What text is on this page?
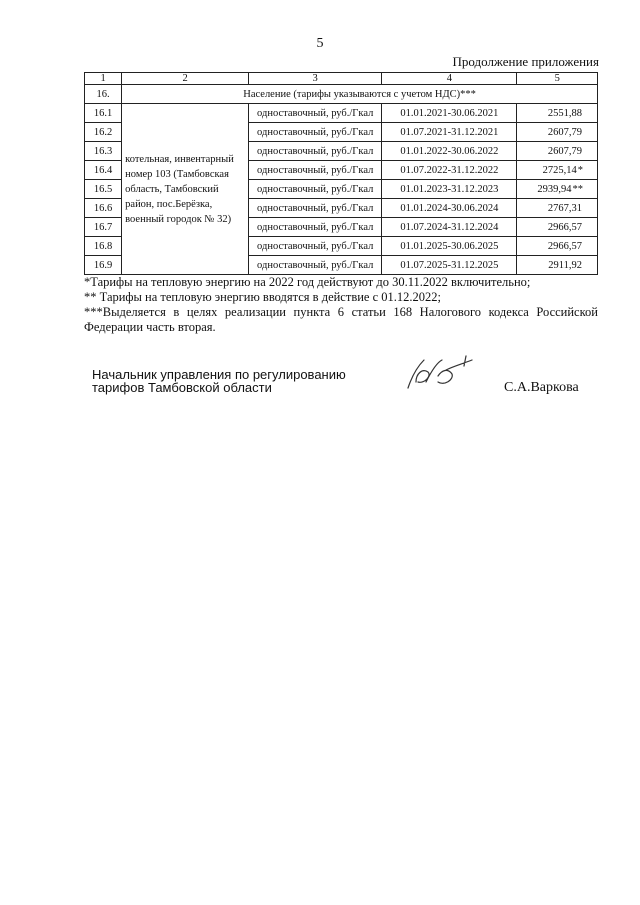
5
Продолжение приложения
1	2	3	4	5
16.	Население (тарифы указываются с учетом НДС)***			
16.1	котельная, инвентарный номер 103 (Тамбовская область, Тамбовский район, пос.Берёзка, военный городок № 32)	одноставочный, руб./Гкал	01.01.2021-30.06.2021	2551,88
16.2		одноставочный, руб./Гкал	01.07.2021-31.12.2021	2607,79
16.3		одноставочный, руб./Гкал	01.01.2022-30.06.2022	2607,79
16.4		одноставочный, руб./Гкал	01.07.2022-31.12.2022	2725,14*
16.5		одноставочный, руб./Гкал	01.01.2023-31.12.2023	2939,94**
16.6		одноставочный, руб./Гкал	01.01.2024-30.06.2024	2767,31
16.7		одноставочный, руб./Гкал	01.07.2024-31.12.2024	2966,57
16.8		одноставочный, руб./Гкал	01.01.2025-30.06.2025	2966,57
16.9		одноставочный, руб./Гкал	01.07.2025-31.12.2025	2911,92

*Тарифы на тепловую энергию на 2022 год действуют до 30.11.2022 включительно;

** Тарифы на тепловую энергию вводятся в действие с 01.12.2022;

***Выделяется в целях реализации пункта 6 статьи 168 Налогового кодекса Российской Федерации часть вторая.

Начальник управления по регулированию
тарифов Тамбовской области	С.А.Варкова
